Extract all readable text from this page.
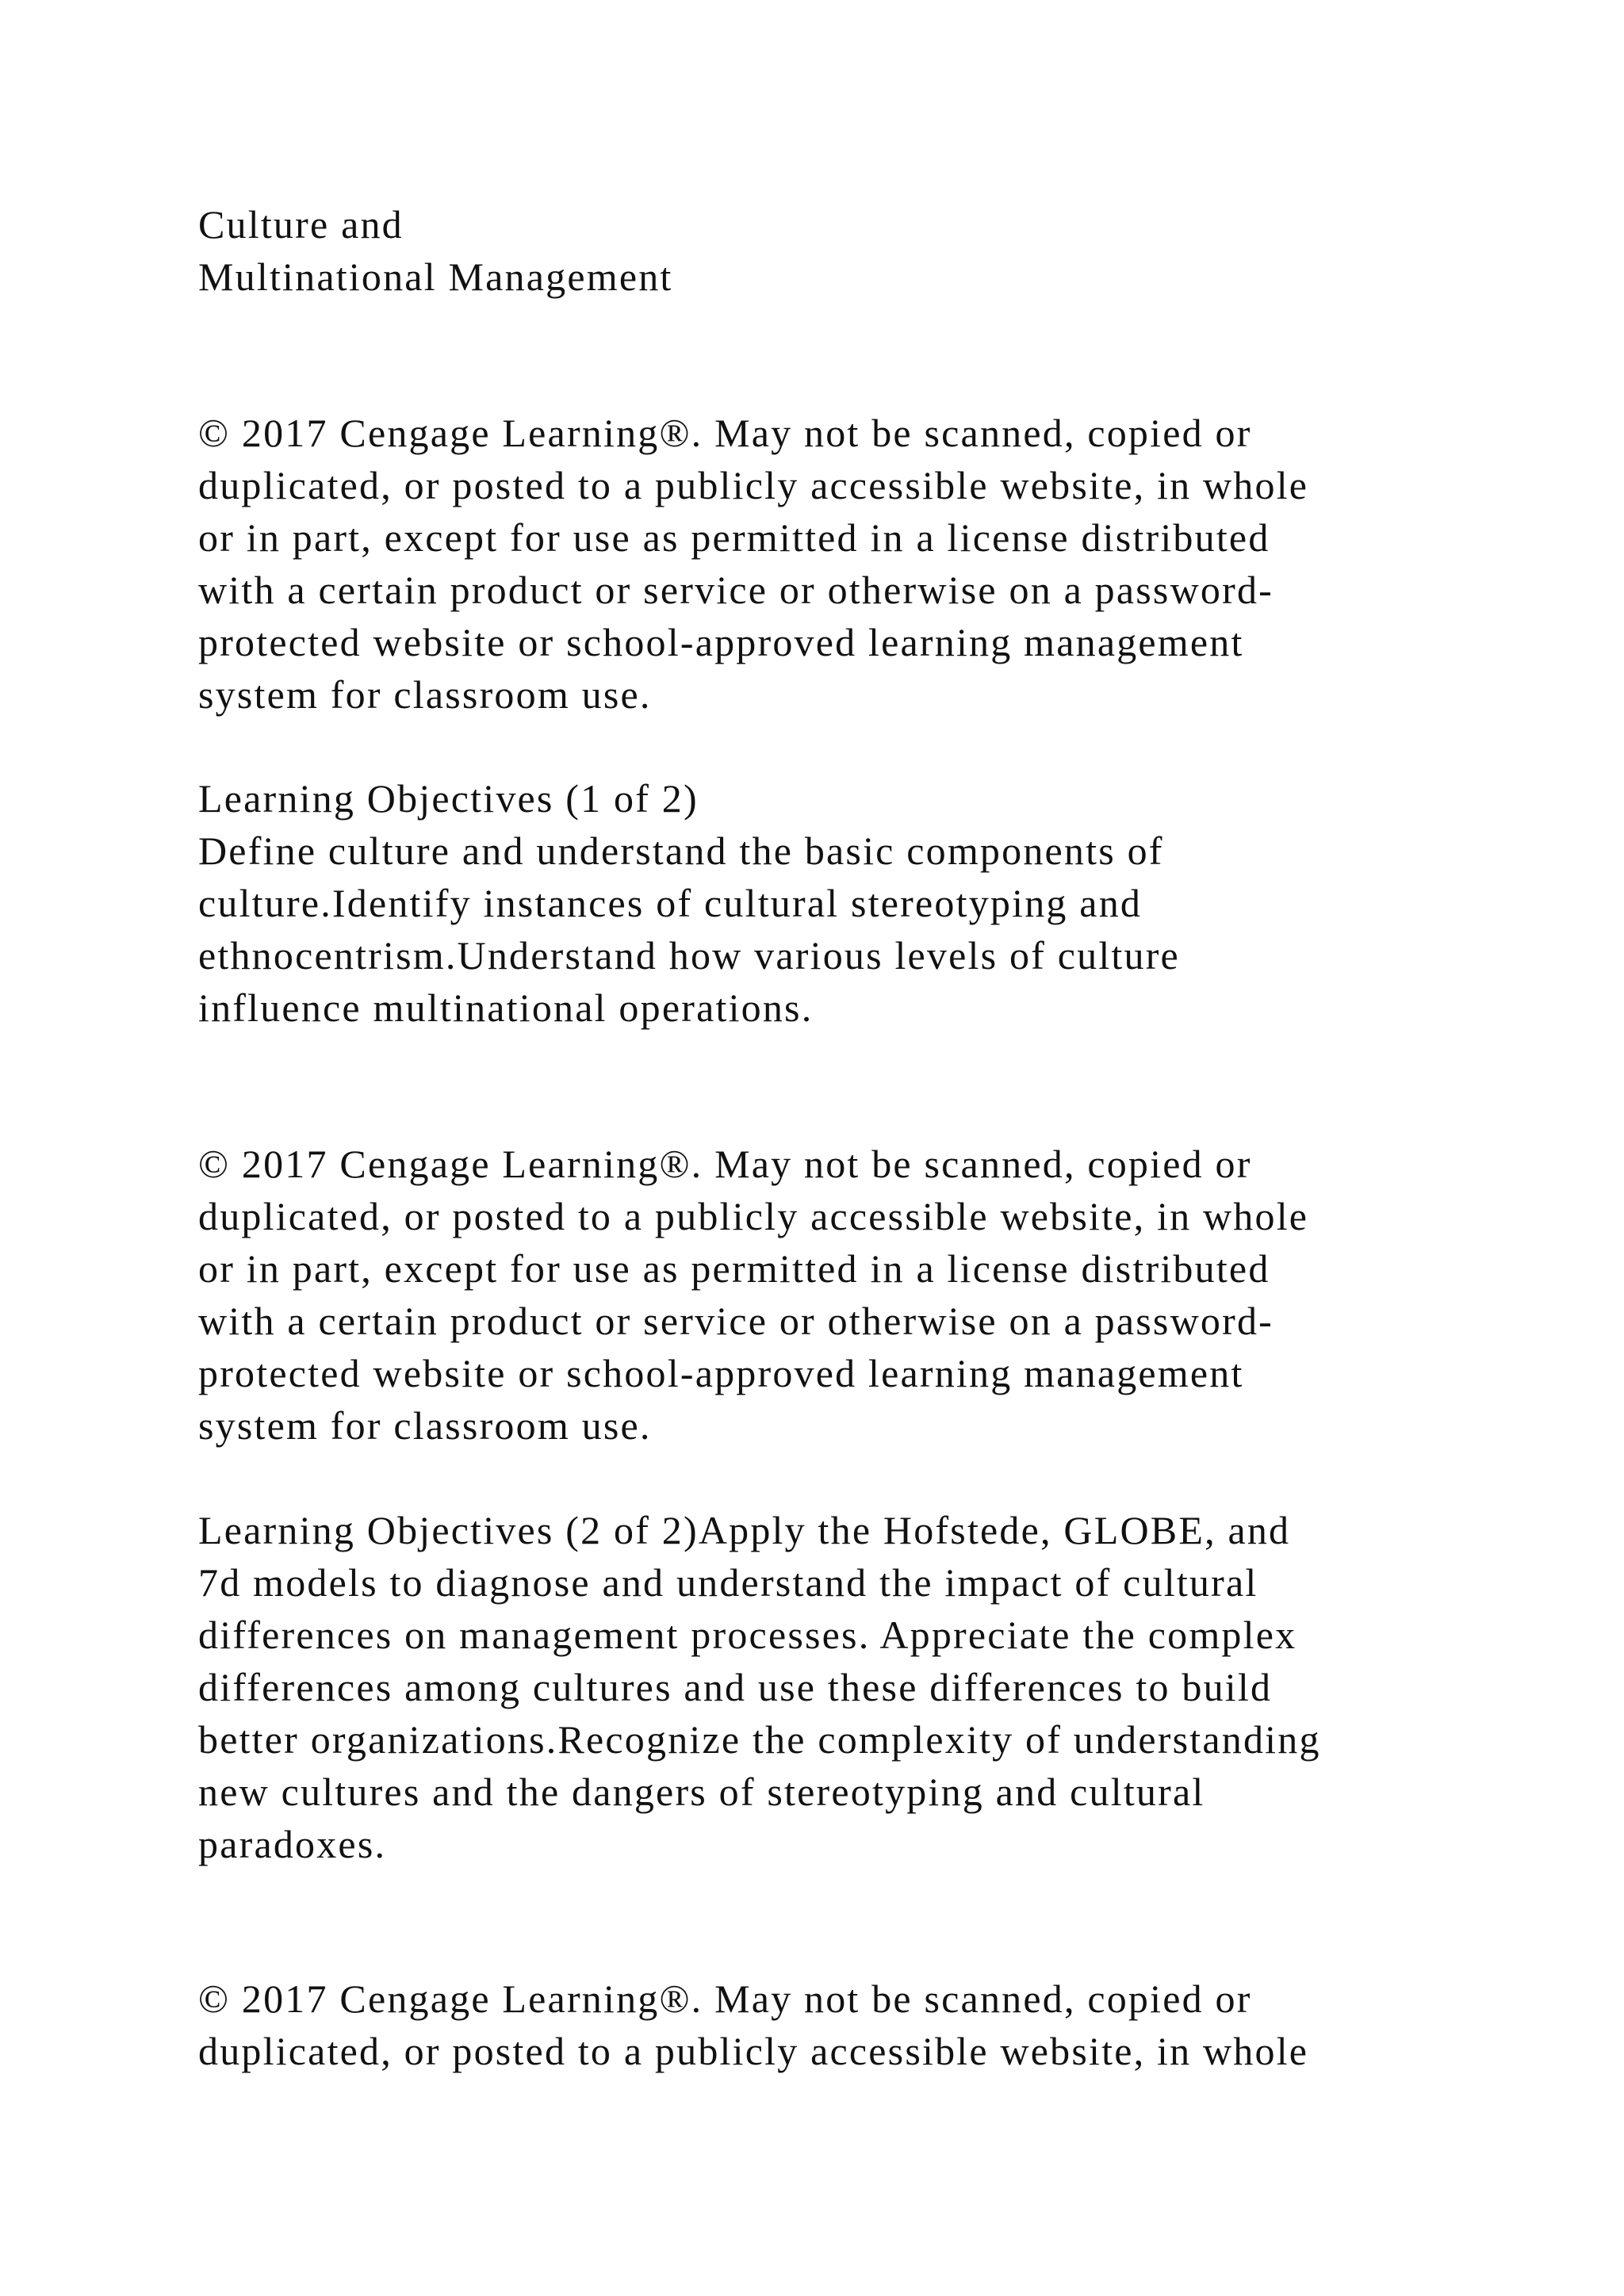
Culture and
Multinational Management
© 2017 Cengage Learning®. May not be scanned, copied or
duplicated, or posted to a publicly accessible website, in whole
or in part, except for use as permitted in a license distributed
with a certain product or service or otherwise on a password-
protected website or school-approved learning management
system for classroom use.
Learning Objectives (1 of 2)
Define culture and understand the basic components of
culture.Identify instances of cultural stereotyping and
ethnocentrism.Understand how various levels of culture
influence multinational operations.
© 2017 Cengage Learning®. May not be scanned, copied or
duplicated, or posted to a publicly accessible website, in whole
or in part, except for use as permitted in a license distributed
with a certain product or service or otherwise on a password-
protected website or school-approved learning management
system for classroom use.
Learning Objectives (2 of 2)Apply the Hofstede, GLOBE, and
7d models to diagnose and understand the impact of cultural
differences on management processes. Appreciate the complex
differences among cultures and use these differences to build
better organizations.Recognize the complexity of understanding
new cultures and the dangers of stereotyping and cultural
paradoxes.
© 2017 Cengage Learning®. May not be scanned, copied or
duplicated, or posted to a publicly accessible website, in whole
